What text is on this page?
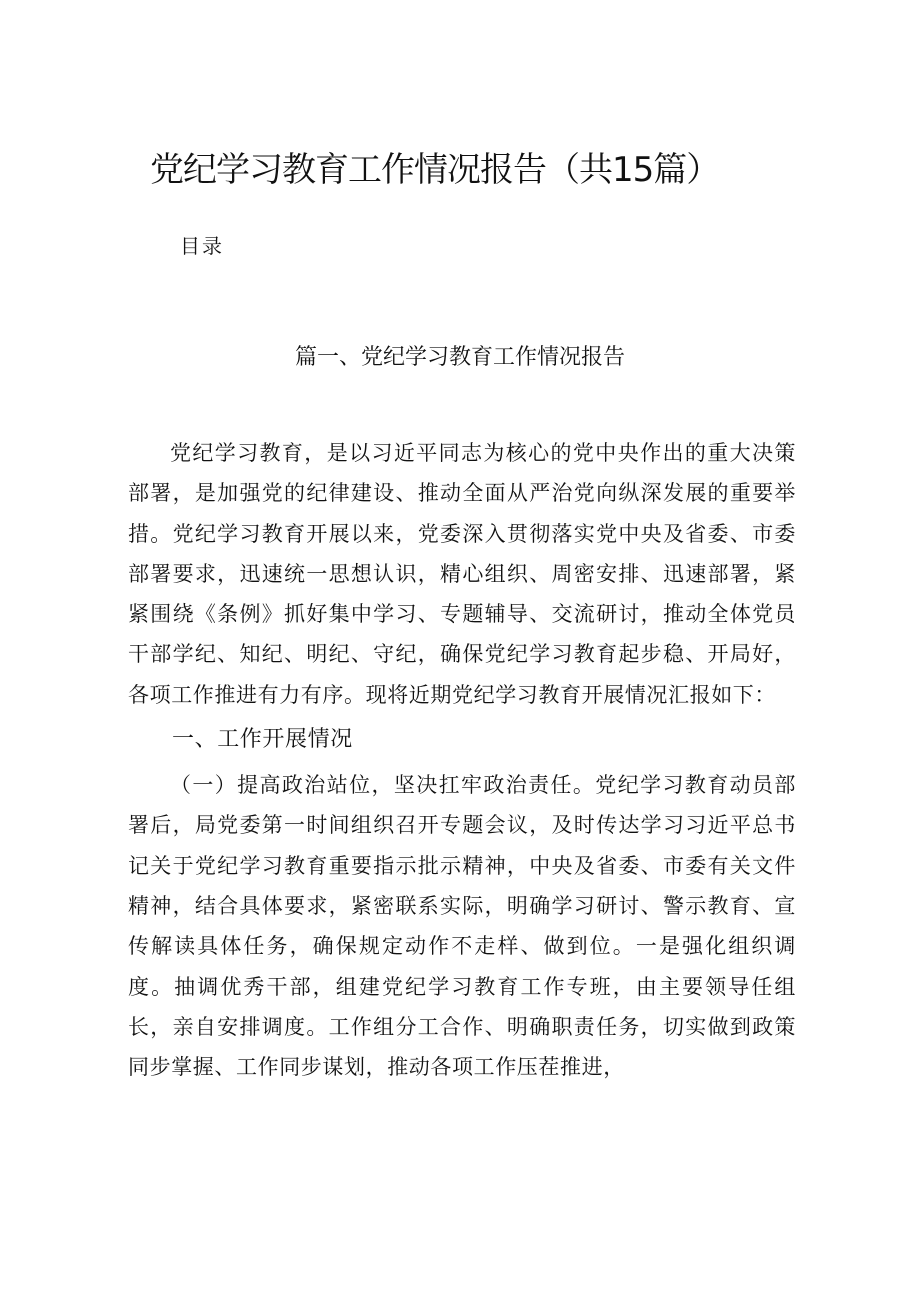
党纪学习教育工作情况报告（共15篇）
目录
篇一、党纪学习教育工作情况报告

党纪学习教育，是以习近平同志为核心的党中央作出的重大决策部署，是加强党的纪律建设、推动全面从严治党向纵深发展的重要举措。党纪学习教育开展以来，党委深入贯彻落实党中央及省委、市委部署要求，迅速统一思想认识，精心组织、周密安排、迅速部署，紧紧围绕《条例》抓好集中学习、专题辅导、交流研讨，推动全体党员干部学纪、知纪、明纪、守纪，确保党纪学习教育起步稳、开局好，各项工作推进有力有序。现将近期党纪学习教育开展情况汇报如下：

一、工作开展情况

（一）提高政治站位，坚决扛牢政治责任。党纪学习教育动员部署后，局党委第一时间组织召开专题会议，及时传达学习习近平总书记关于党纪学习教育重要指示批示精神，中央及省委、市委有关文件精神，结合具体要求，紧密联系实际，明确学习研讨、警示教育、宣传解读具体任务，确保规定动作不走样、做到位。一是强化组织调度。抽调优秀干部，组建党纪学习教育工作专班，由主要领导任组长，亲自安排调度。工作组分工合作、明确职责任务，切实做到政策同步掌握、工作同步谋划，推动各项工作压茬推进，
